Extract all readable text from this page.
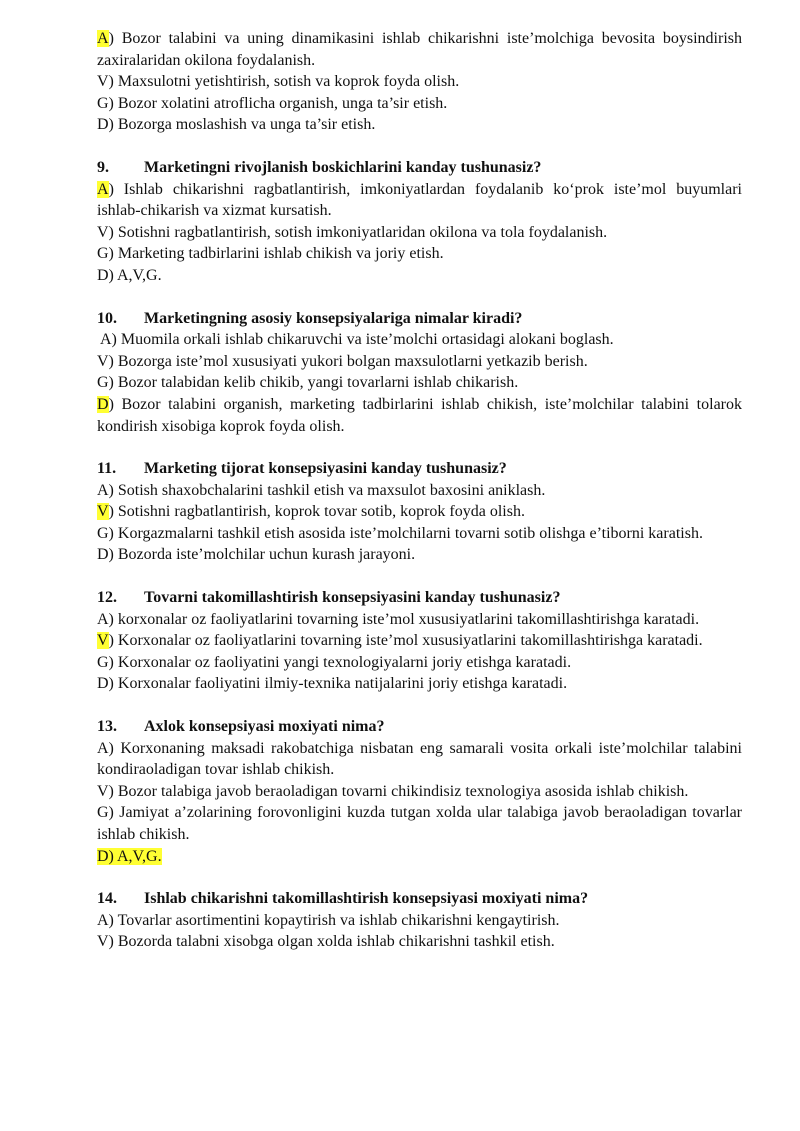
A) Bozor talabini va uning dinamikasini ishlab chikarishni iste’molchiga bevosita boysindirish zaxiralaridan okilona foydalanish.
V) Maxsulotni yetishtirish, sotish va koprok foyda olish.
G) Bozor xolatini atroflicha organish, unga ta’sir etish.
D) Bozorga moslashish va unga ta’sir etish.
9.	Marketingni rivojlanish boskichlarini kanday tushunasiz?
A) Ishlab chikarishni ragbatlantirish, imkoniyatlardan foydalanib ko‘prok iste’mol buyumlari ishlab-chikarish va xizmat kursatish.
V) Sotishni ragbatlantirish, sotish imkoniyatlaridan okilona va tola foydalanish.
G) Marketing tadbirlarini ishlab chikish va joriy etish.
D) A,V,G.
10.	Marketingning asosiy konsepsiyalariga nimalar kiradi?
A) Muomila orkali ishlab chikaruvchi va iste’molchi ortasidagi alokani boglash.
V) Bozorga iste’mol xususiyati yukori bolgan maxsulotlarni yetkazib berish.
G) Bozor talabidan kelib chikib, yangi tovarlarni ishlab chikarish.
D) Bozor talabini organish, marketing tadbirlarini ishlab chikish, iste’molchilar talabini tolarok kondirish xisobiga koprok foyda olish.
11.	Marketing tijorat konsepsiyasini kanday tushunasiz?
A) Sotish shaxobchalarini tashkil etish va maxsulot baxosini aniklash.
V) Sotishni ragbatlantirish, koprok tovar sotib, koprok foyda olish.
G) Korgazmalarni tashkil etish asosida iste’molchilarni tovarni sotib olishga e’tiborni karatish.
D) Bozorda iste’molchilar uchun kurash jarayoni.
12.	Tovarni takomillashtirish konsepsiyasini kanday tushunasiz?
A) korxonalar oz faoliyatlarini tovarning iste’mol xususiyatlarini takomillashtirishga karatadi.
V) Korxonalar oz faoliyatlarini tovarning iste’mol xususiyatlarini takomillashtirishga karatadi.
G) Korxonalar oz faoliyatini yangi texnologiyalarni joriy etishga karatadi.
D) Korxonalar faoliyatini ilmiy-texnika natijalarini joriy etishga karatadi.
13.	Axlok konsepsiyasi moxiyati nima?
A) Korxonaning maksadi rakobatchiga nisbatan eng samarali vosita orkali iste’molchilar talabini kondiraoladigan tovar ishlab chikish.
V) Bozor talabiga javob beraoladigan tovarni chikindisiz texnologiya asosida ishlab chikish.
G) Jamiyat a’zolarining forovonligini kuzda tutgan xolda ular talabiga javob beraoladigan tovarlar ishlab chikish.
D) A,V,G.
14.	Ishlab chikarishni takomillashtirish konsepsiyasi moxiyati nima?
A) Tovarlar asortimentini kopaytirish va ishlab chikarishni kengaytirish.
V) Bozorda talabni xisobga olgan xolda ishlab chikarishni tashkil etish.
